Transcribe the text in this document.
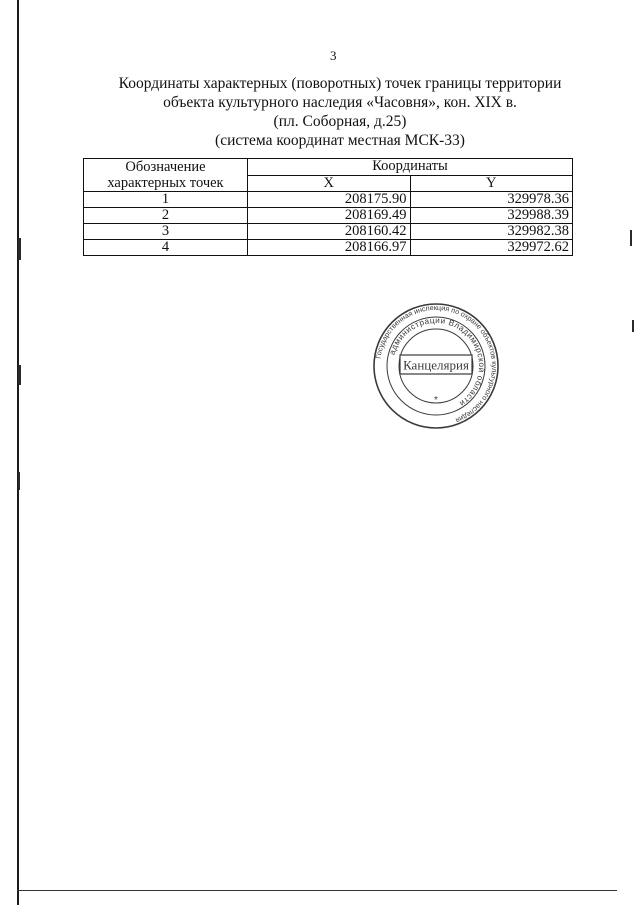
3
Координаты характерных (поворотных) точек границы территории
объекта культурного наследия «Часовня», кон. XIX в.
(пл. Соборная, д.25)
(система координат местная МСК-33)
Обозначение характерных точек	Координаты	
	X	Y
1	208175.90	329978.36
2	208169.49	329988.39
3	208160.42	329982.38
4	208166.97	329972.62
Государственная инспекция по охране объектов культурного наследия
администрации Владимирской области
Канцелярия
*
